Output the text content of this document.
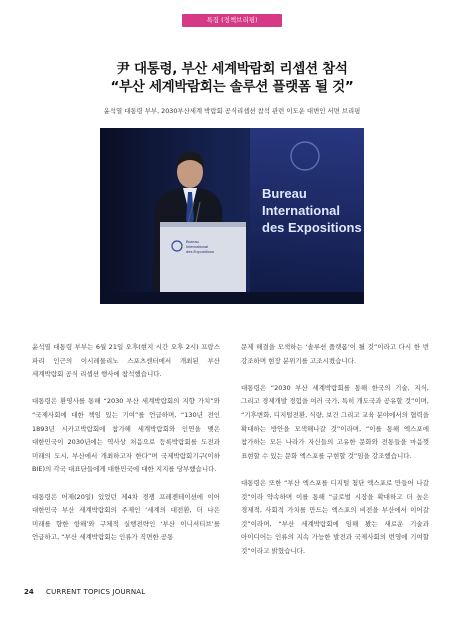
특집 (정책브리핑)
尹 대통령, 부산 세계박람회 리셉션 참석
“부산 세계박람회는 솔루션 플랫폼 될 것”
윤석열 대통령 부부, 2030부산세계 박람회 공식리셉션 참석 관련 이도운 대변인 서면 브리핑
Bureau
International
des Expositions
Bureau
International
des Expositions
Bureau International des Expositions

윤석열 대통령 부부는 6월 21일 오후(현지 시간 오후 2시) 프랑스 파리 인근의 이시레물리노 스포츠센터에서 개최된 부산 세계박람회 공식 리셉션 행사에 참석했습니다.

대통령은 환영사를 통해 “2030 부산 세계박람회의 지향 가치”와 “국제사회에 대한 책임 있는 기여”를 언급하며, “130년 전인 1893년 시카고박람회에 참가해 세계박람회와 인연을 맺은 대한민국이 2030년에는 역사상 처음으로 등록박람회를 도전과 미래의 도시, 부산에서 개최하고자 한다”며 국제박람회기구(이하 BIE)의 각국 대표단들에게 대한민국에 대한 지지를 당부했습니다.

대통령은 어제(20일) 있었던 제4차 경쟁 프레젠테이션에 이어 대한민국 부산 세계박람회의 주제인 ‘세계의 대전환, 더 나은 미래를 향한 항해’와 구체적 실행전략인 ‘부산 이니셔티브’를 언급하고, “부산 세계박람회는 인류가 직면한 공통

문제 해결을 모색하는 ‘솔루션 플랫폼’이 될 것”이라고 다시 한 번 강조하며 현장 분위기를 고조시켰습니다.

대통령은 “2030 부산 세계박람회를 통해 한국의 기술, 지식, 그리고 경제개발 경험을 여러 국가, 특히 개도국과 공유할 것”이며, “기후변화, 디지털전환, 식량, 보건 그리고 교육 분야에서의 협력을 확대하는 방안을 모색해나갈 것”이라며, “이를 통해 엑스포에 참가하는 모든 나라가 자신들의 고유한 문화와 전통들을 마음껏 표현할 수 있는 문화 엑스포를 구현할 것”임을 강조했습니다.

대통령은 또한 “부산 엑스포를 디지털 첨단 엑스포로 만들어 나갈 것”이라 약속하며 이를 통해 “글로벌 시장을 확대하고 더 높은 경제적, 사회적 가치를 만드는 엑스포의 비전을 부산에서 이어갈 것”이라며, “부산 세계박람회에 임해 봤는 새로운 기술과 아이디어는 인류의 지속 가능한 발전과 국제사회의 번영에 기여할 것”이라고 밝혔습니다.

24 CURRENT TOPICS JOURNAL
